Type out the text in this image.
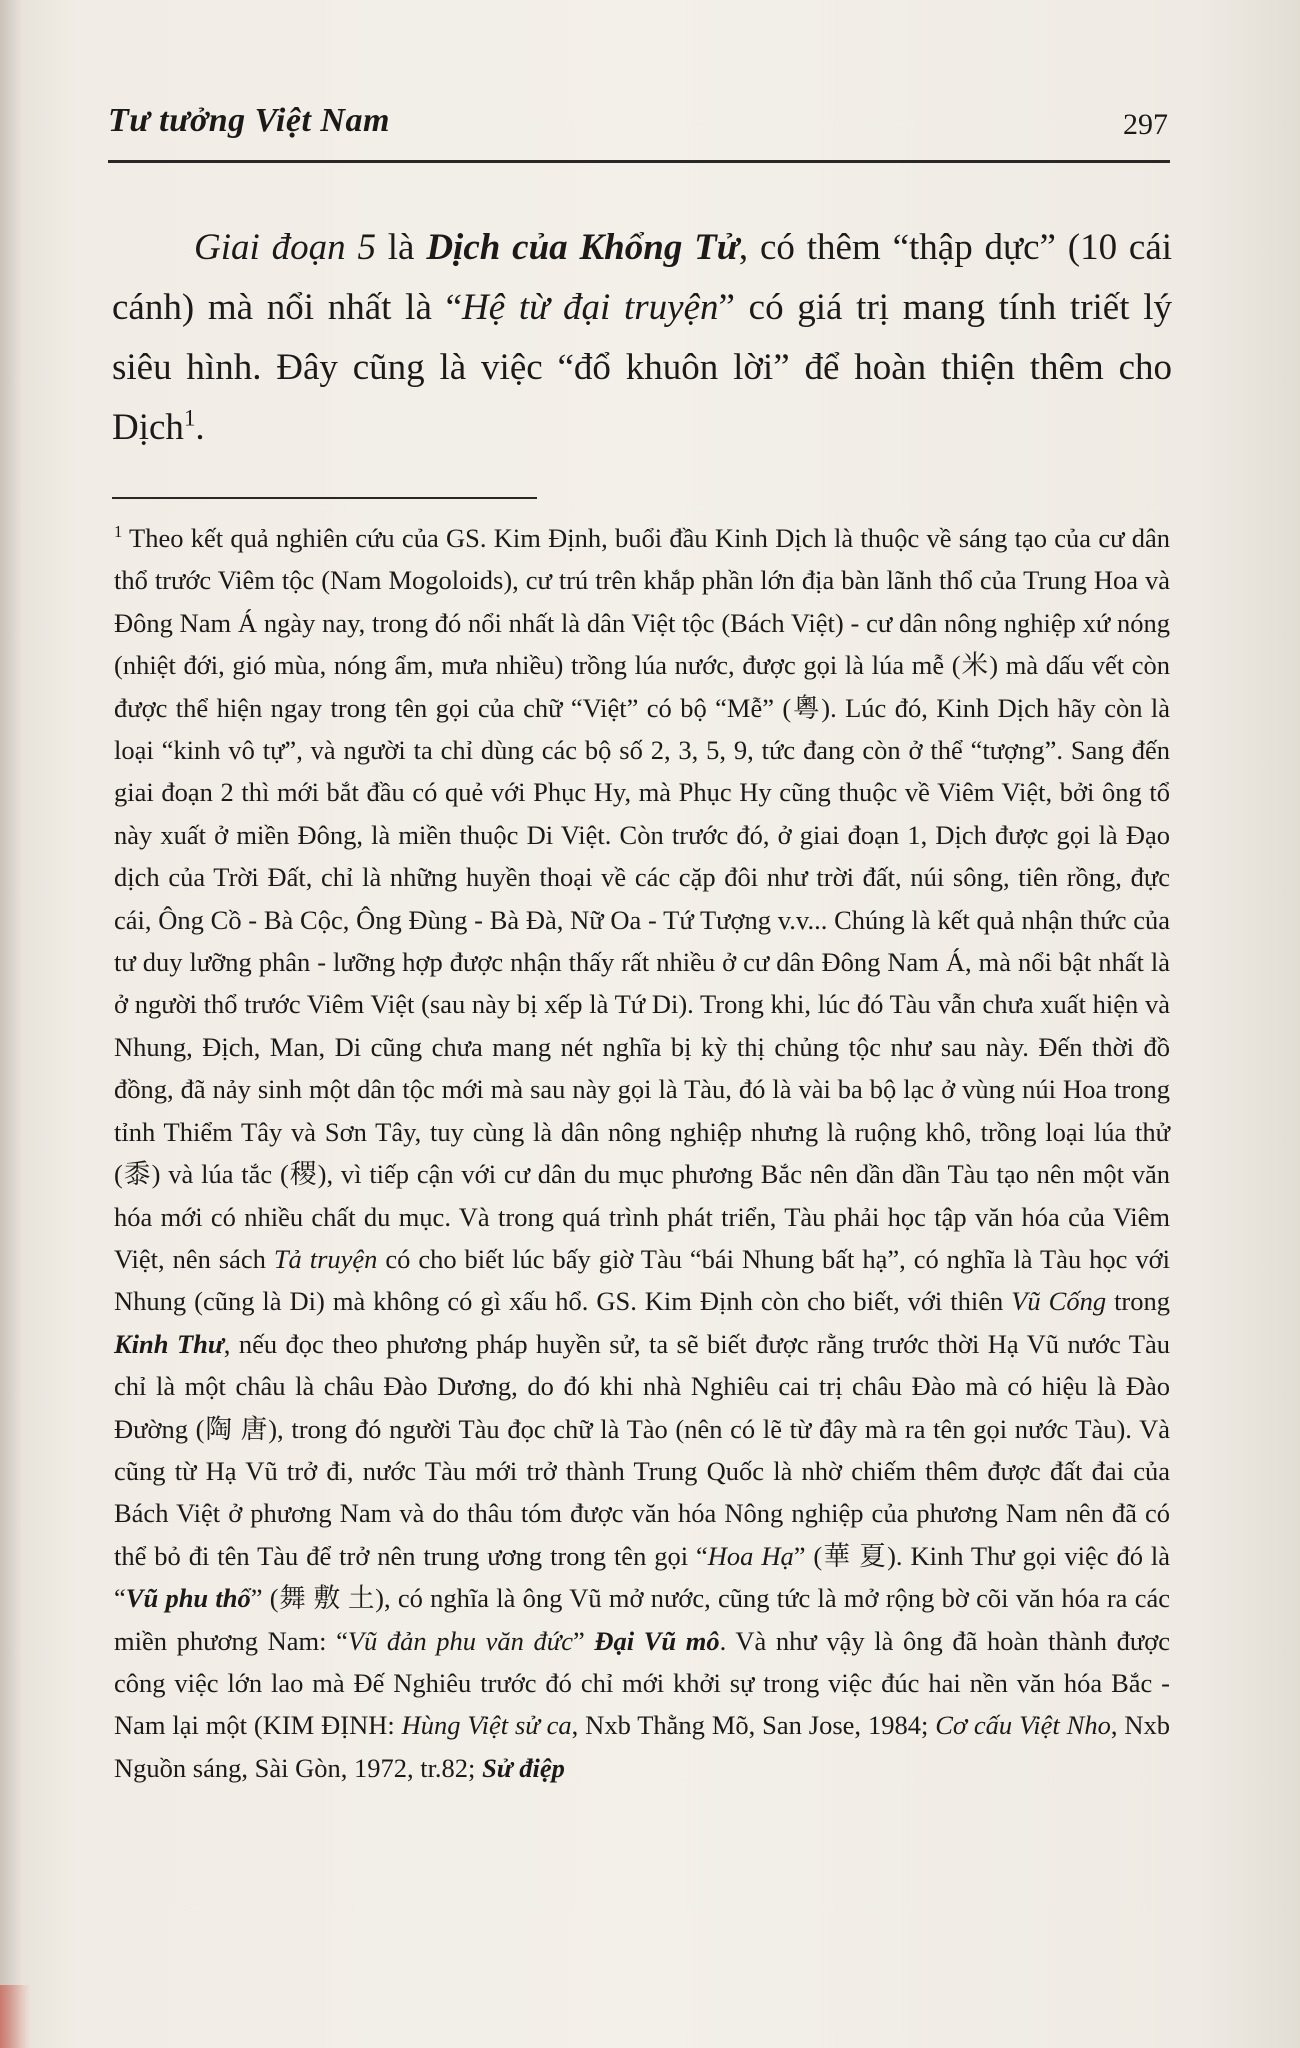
Tư tưởng Việt Nam	297
Giai đoạn 5 là Dịch của Khổng Tử, có thêm “thập dực” (10 cái cánh) mà nổi nhất là “Hệ từ đại truyện” có giá trị mang tính triết lý siêu hình. Đây cũng là việc “đổ khuôn lời” để hoàn thiện thêm cho Dịch$^1$.
$^1$ Theo kết quả nghiên cứu của GS. Kim Định, buổi đầu Kinh Dịch là thuộc về sáng tạo của cư dân thổ trước Viêm tộc (Nam Mogoloids), cư trú trên khắp phần lớn địa bàn lãnh thổ của Trung Hoa và Đông Nam Á ngày nay, trong đó nổi nhất là dân Việt tộc (Bách Việt) - cư dân nông nghiệp xứ nóng (nhiệt đới, gió mùa, nóng ẩm, mưa nhiều) trồng lúa nước, được gọi là lúa mễ (米) mà dấu vết còn được thể hiện ngay trong tên gọi của chữ “Việt” có bộ “Mễ” (粵). Lúc đó, Kinh Dịch hãy còn là loại “kinh vô tự”, và người ta chỉ dùng các bộ số 2, 3, 5, 9, tức đang còn ở thể “tượng”. Sang đến giai đoạn 2 thì mới bắt đầu có quẻ với Phục Hy, mà Phục Hy cũng thuộc về Viêm Việt, bởi ông tổ này xuất ở miền Đông, là miền thuộc Di Việt. Còn trước đó, ở giai đoạn 1, Dịch được gọi là Đạo dịch của Trời Đất, chỉ là những huyền thoại về các cặp đôi như trời đất, núi sông, tiên rồng, đực cái, Ông Cồ - Bà Cộc, Ông Đùng - Bà Đà, Nữ Oa - Tứ Tượng v.v... Chúng là kết quả nhận thức của tư duy lưỡng phân - lưỡng hợp được nhận thấy rất nhiều ở cư dân Đông Nam Á, mà nổi bật nhất là ở người thổ trước Viêm Việt (sau này bị xếp là Tứ Di). Trong khi, lúc đó Tàu vẫn chưa xuất hiện và Nhung, Địch, Man, Di cũng chưa mang nét nghĩa bị kỳ thị chủng tộc như sau này. Đến thời đồ đồng, đã nảy sinh một dân tộc mới mà sau này gọi là Tàu, đó là vài ba bộ lạc ở vùng núi Hoa trong tỉnh Thiểm Tây và Sơn Tây, tuy cùng là dân nông nghiệp nhưng là ruộng khô, trồng loại lúa thử (黍) và lúa tắc (稷), vì tiếp cận với cư dân du mục phương Bắc nên dần dần Tàu tạo nên một văn hóa mới có nhiều chất du mục. Và trong quá trình phát triển, Tàu phải học tập văn hóa của Viêm Việt, nên sách Tả truyện có cho biết lúc bấy giờ Tàu “bái Nhung bất hạ”, có nghĩa là Tàu học với Nhung (cũng là Di) mà không có gì xấu hổ. GS. Kim Định còn cho biết, với thiên Vũ Cống trong Kinh Thư, nếu đọc theo phương pháp huyền sử, ta sẽ biết được rằng trước thời Hạ Vũ nước Tàu chỉ là một châu là châu Đào Dương, do đó khi nhà Nghiêu cai trị châu Đào mà có hiệu là Đào Đường (陶 唐), trong đó người Tàu đọc chữ là Tào (nên có lẽ từ đây mà ra tên gọi nước Tàu). Và cũng từ Hạ Vũ trở đi, nước Tàu mới trở thành Trung Quốc là nhờ chiếm thêm được đất đai của Bách Việt ở phương Nam và do thâu tóm được văn hóa Nông nghiệp của phương Nam nên đã có thể bỏ đi tên Tàu để trở nên trung ương trong tên gọi “Hoa Hạ” (華 夏). Kinh Thư gọi việc đó là “Vũ phu thổ” (舞 敷 土), có nghĩa là ông Vũ mở nước, cũng tức là mở rộng bờ cõi văn hóa ra các miền phương Nam: “Vũ đản phu văn đức” Đại Vũ mô. Và như vậy là ông đã hoàn thành được công việc lớn lao mà Đế Nghiêu trước đó chỉ mới khởi sự trong việc đúc hai nền văn hóa Bắc - Nam lại một (KIM ĐỊNH: Hùng Việt sử ca, Nxb Thằng Mõ, San Jose, 1984; Cơ cấu Việt Nho, Nxb Nguồn sáng, Sài Gòn, 1972, tr.82; Sử điệp
